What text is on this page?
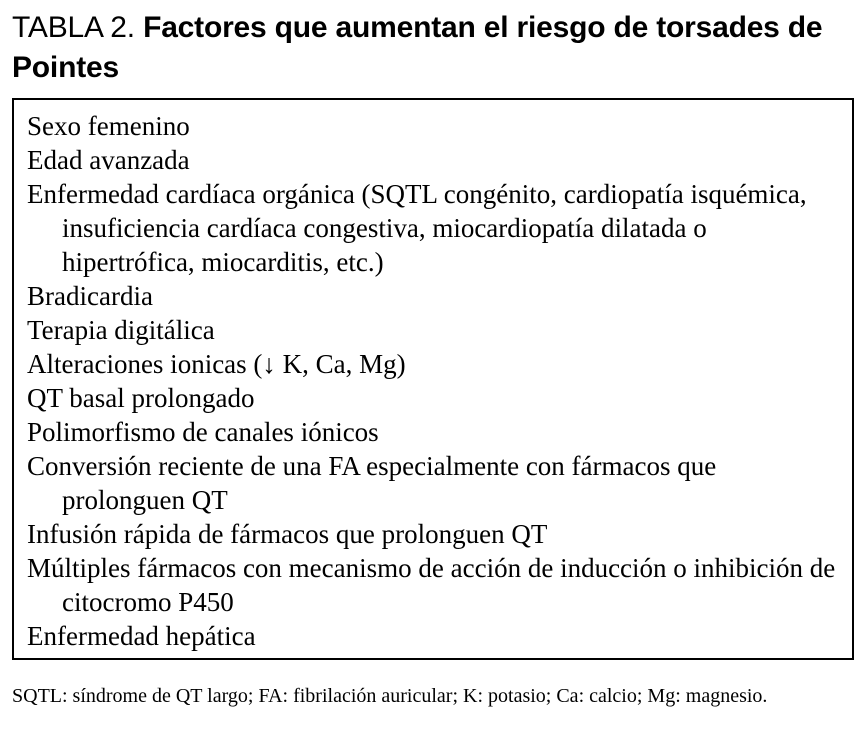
TABLA 2. Factores que aumentan el riesgo de torsades de Pointes
Sexo femenino
Edad avanzada
Enfermedad cardíaca orgánica (SQTL congénito, cardiopatía isquémica, insuficiencia cardíaca congestiva, miocardiopatía dilatada o hipertrófica, miocarditis, etc.)
Bradicardia
Terapia digitálica
Alteraciones ionicas (↓ K, Ca, Mg)
QT basal prolongado
Polimorfismo de canales iónicos
Conversión reciente de una FA especialmente con fármacos que prolonguen QT
Infusión rápida de fármacos que prolonguen QT
Múltiples fármacos con mecanismo de acción de inducción o inhibición de citocromo P450
Enfermedad hepática

SQTL: síndrome de QT largo; FA: fibrilación auricular; K: potasio; Ca: calcio; Mg: magnesio.
